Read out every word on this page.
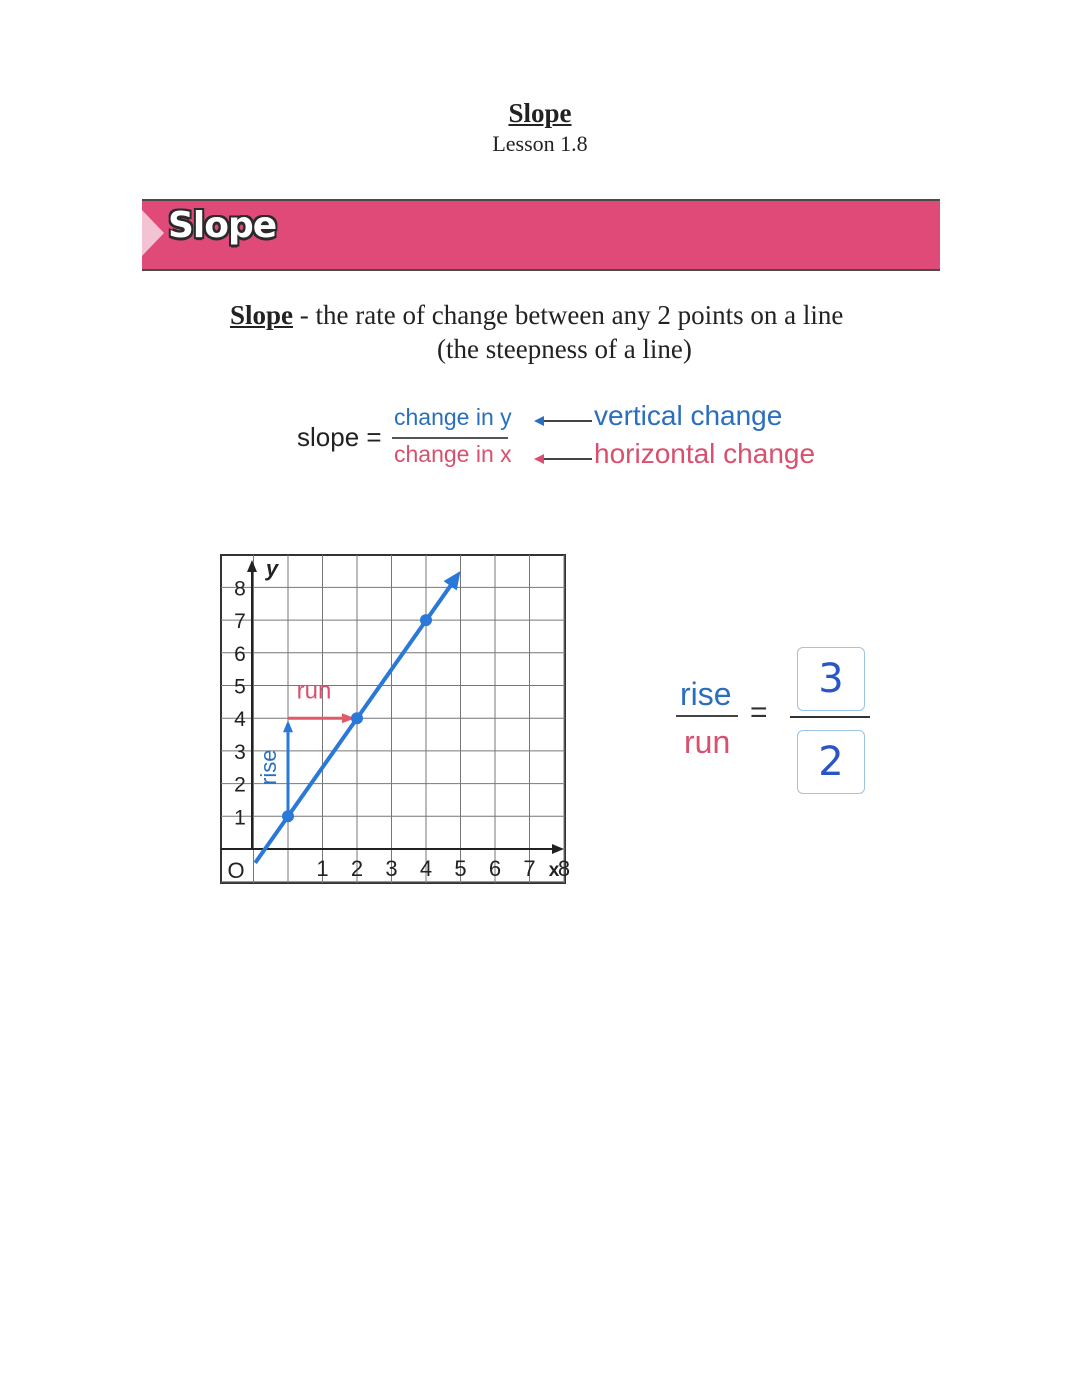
Slope
Lesson 1.8
Slope
Slope - the rate of change between any 2 points on a line
(the steepness of a line)
slope =
change in y
change in x
vertical change
horizontal change
1
2
3
4
5
6
7
8
1 2 3 4 5 6 7 8
O	x
y
run
rise
rise
run
=
3
2
